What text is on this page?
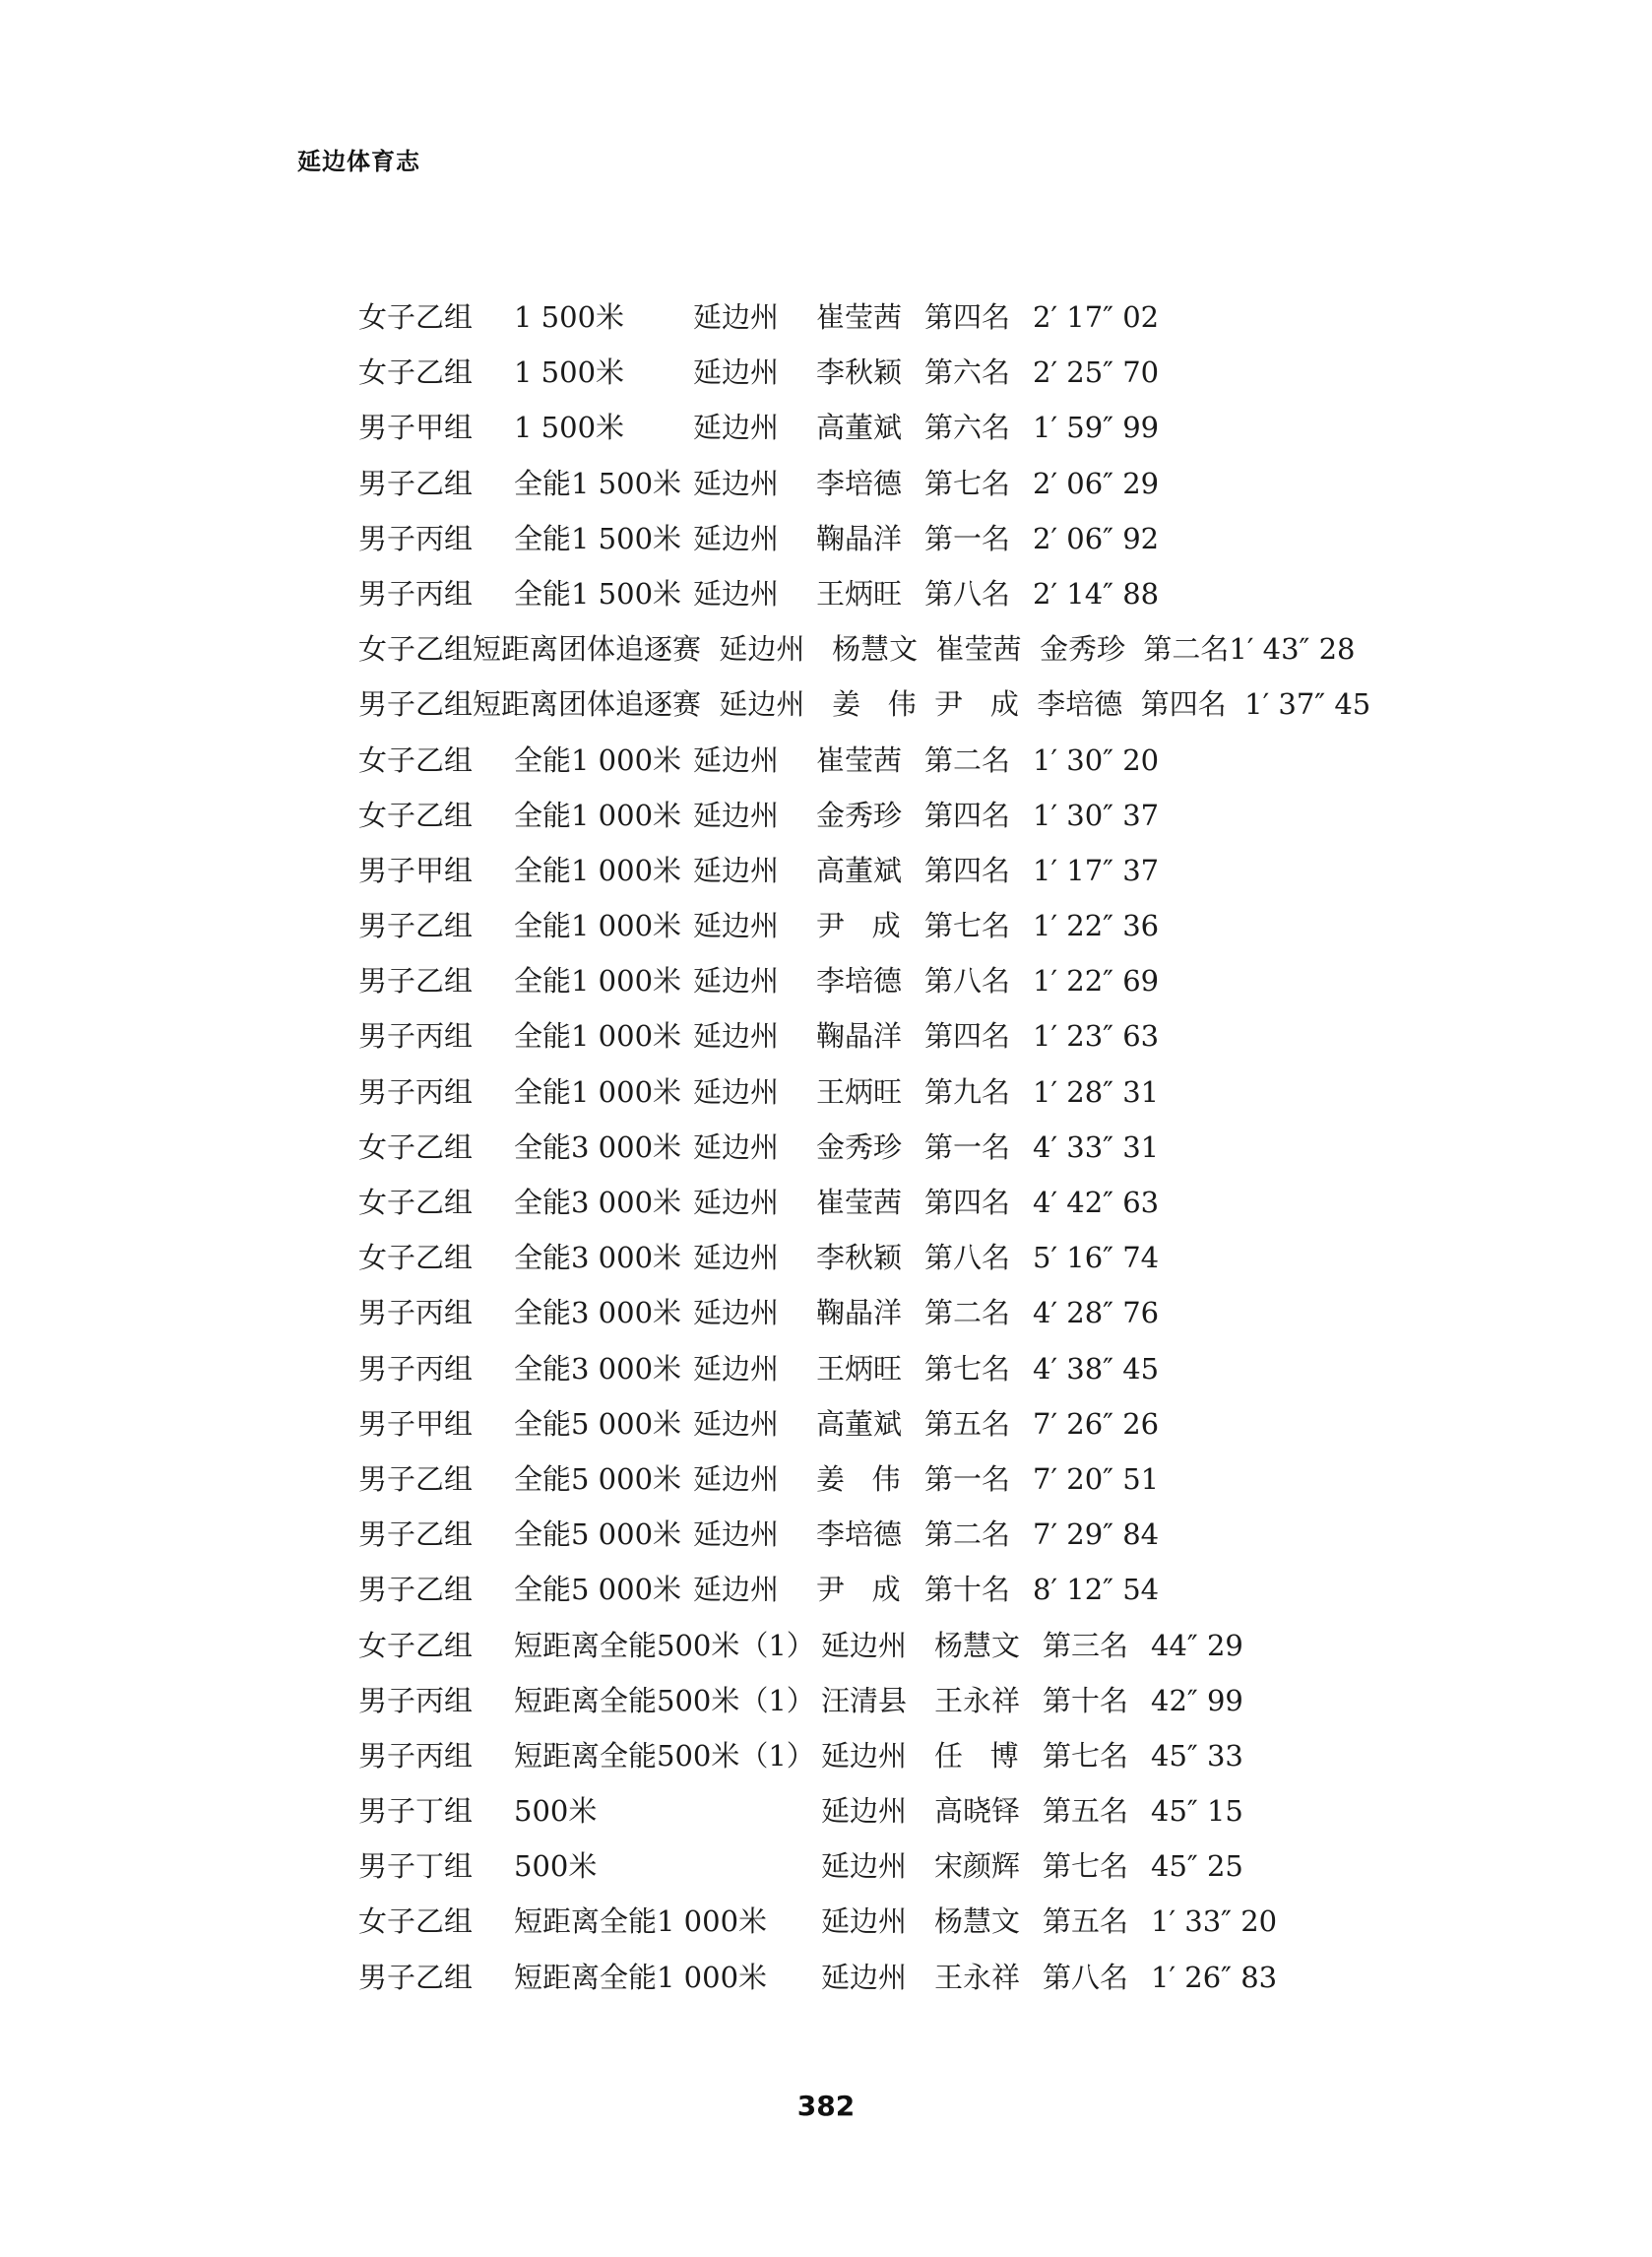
延边体育志
女子乙组 1 500米 延边州 崔莹茜 第四名 2′ 17″ 02
女子乙组 1 500米 延边州 李秋颖 第六名 2′ 25″ 70
男子甲组 1 500米 延边州 高董斌 第六名 1′ 59″ 99
男子乙组 全能1 500米 延边州 李培德 第七名 2′ 06″ 29
男子丙组 全能1 500米 延边州 鞠晶洋 第一名 2′ 06″ 92
男子丙组 全能1 500米 延边州 王炳旺 第八名 2′ 14″ 88
女子乙组短距离团体追逐赛  延边州   杨慧文  崔莹茜  金秀珍  第二名1′ 43″ 28
男子乙组短距离团体追逐赛  延边州   姜   伟  尹   成  李培德  第四名  1′ 37″ 45
女子乙组 全能1 000米 延边州 崔莹茜 第二名 1′ 30″ 20
女子乙组 全能1 000米 延边州 金秀珍 第四名 1′ 30″ 37
男子甲组 全能1 000米 延边州 高董斌 第四名 1′ 17″ 37
男子乙组 全能1 000米 延边州 尹   成 第七名 1′ 22″ 36
男子乙组 全能1 000米 延边州 李培德 第八名 1′ 22″ 69
男子丙组 全能1 000米 延边州 鞠晶洋 第四名 1′ 23″ 63
男子丙组 全能1 000米 延边州 王炳旺 第九名 1′ 28″ 31
女子乙组 全能3 000米 延边州 金秀珍 第一名 4′ 33″ 31
女子乙组 全能3 000米 延边州 崔莹茜 第四名 4′ 42″ 63
女子乙组 全能3 000米 延边州 李秋颖 第八名 5′ 16″ 74
男子丙组 全能3 000米 延边州 鞠晶洋 第二名 4′ 28″ 76
男子丙组 全能3 000米 延边州 王炳旺 第七名 4′ 38″ 45
男子甲组 全能5 000米 延边州 高董斌 第五名 7′ 26″ 26
男子乙组 全能5 000米 延边州 姜   伟 第一名 7′ 20″ 51
男子乙组 全能5 000米 延边州 李培德 第二名 7′ 29″ 84
男子乙组 全能5 000米 延边州 尹   成 第十名 8′ 12″ 54
女子乙组 短距离全能500米（1） 延边州 杨慧文 第三名 44″ 29
男子丙组 短距离全能500米（1） 汪清县 王永祥 第十名 42″ 99
男子丙组 短距离全能500米（1） 延边州 任   博 第七名 45″ 33
男子丁组 500米	延边州 高晓铎 第五名 45″ 15
男子丁组 500米	延边州 宋颜辉 第七名 45″ 25
女子乙组 短距离全能1 000米 延边州 杨慧文 第五名 1′ 33″ 20
男子乙组 短距离全能1 000米 延边州 王永祥 第八名 1′ 26″ 83
382
